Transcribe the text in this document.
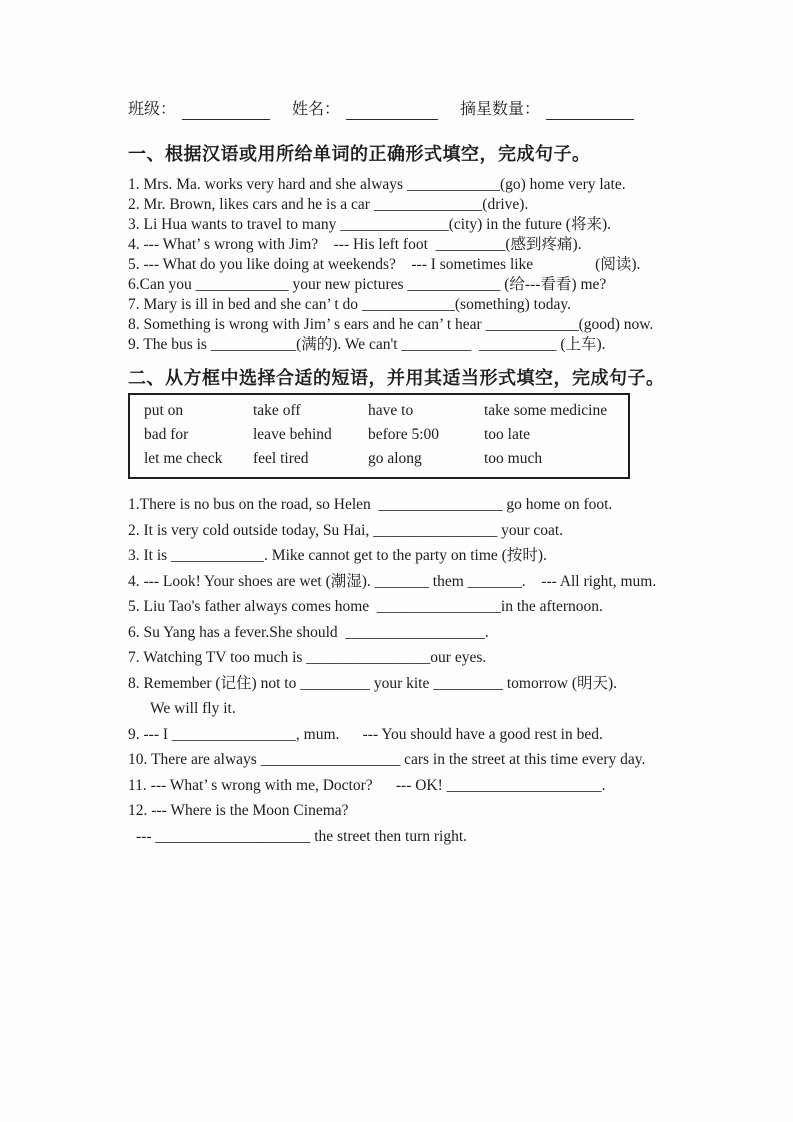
班级：	姓名：	摘星数量：
一、根据汉语或用所给单词的正确形式填空，完成句子。
1. Mrs. Ma. works very hard and she always ____________(go) home very late.
2. Mr. Brown, likes cars and he is a car ______________(drive).
3. Li Hua wants to travel to many ______________(city) in the future (将来).
4. --- What’ s wrong with Jim?    --- His left foot  _________(感到疼痛).
5. --- What do you like doing at weekends?    --- I sometimes like                (阅读).
6.Can you ____________ your new pictures ____________ (给---看看) me?
7. Mary is ill in bed and she can’ t do ____________(something) today.
8. Something is wrong with Jim’ s ears and he can’ t hear ____________(good) now.
9. The bus is ___________(满的). We can't _________  __________ (上车).
二、从方框中选择合适的短语，并用其适当形式填空，完成句子。
put on	take off	have to	take some medicine
bad for	leave behind	before 5:00	too late
let me check	feel tired	go along	too much
1.There is no bus on the road, so Helen  ________________ go home on foot.
2. It is very cold outside today, Su Hai, ________________ your coat.
3. It is ____________. Mike cannot get to the party on time (按时).
4. --- Look! Your shoes are wet (潮湿). _______ them _______.    --- All right, mum.
5. Liu Tao's father always comes home  ________________in the afternoon.
6. Su Yang has a fever.She should  __________________.
7. Watching TV too much is ________________our eyes.
8. Remember (记住) not to _________ your kite _________ tomorrow (明天).
We will fly it.
9. --- I ________________, mum.      --- You should have a good rest in bed.
10. There are always __________________ cars in the street at this time every day.
11. --- What’ s wrong with me, Doctor?      --- OK! ____________________.
12. --- Where is the Moon Cinema?
--- ____________________ the street then turn right.
